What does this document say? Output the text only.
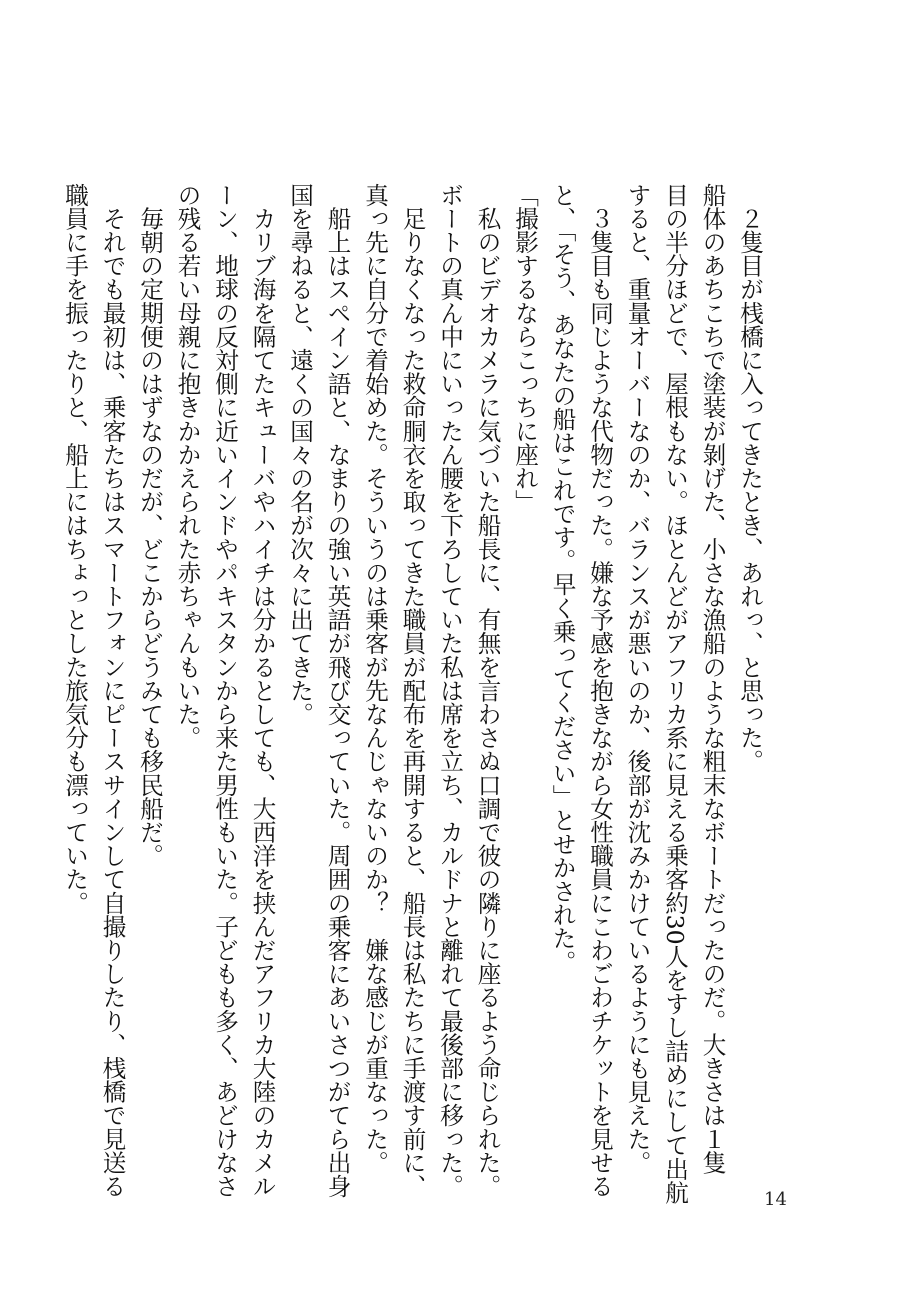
　２隻目が桟橋に入ってきたとき、あれっ、と思った。
船体のあちこちで塗装が剝げた、小さな漁船のような粗末なボートだったのだ。大きさは１隻
目の半分ほどで、屋根もない。ほとんどがアフリカ系に見える乗客約30人をすし詰めにして出航
すると、重量オーバーなのか、バランスが悪いのか、後部が沈みかけているようにも見えた。
　３隻目も同じような代物だった。嫌な予感を抱きながら女性職員にこわごわチケットを見せる
と、「そう、あなたの船はこれです。早く乗ってください」とせかされた。
「撮影するならこっちに座れ」
　私のビデオカメラに気づいた船長に、有無を言わさぬ口調で彼の隣りに座るよう命じられた。
ボートの真ん中にいったん腰を下ろしていた私は席を立ち、カルドナと離れて最後部に移った。
　足りなくなった救命胴衣を取ってきた職員が配布を再開すると、船長は私たちに手渡す前に、
真っ先に自分で着始めた。そういうのは乗客が先なんじゃないのか？　嫌な感じが重なった。
　船上はスペイン語と、なまりの強い英語が飛び交っていた。周囲の乗客にあいさつがてら出身
国を尋ねると、遠くの国々の名が次々に出てきた。
　カリブ海を隔てたキューバやハイチは分かるとしても、大西洋を挟んだアフリカ大陸のカメル
ーン、地球の反対側に近いインドやパキスタンから来た男性もいた。子どもも多く、あどけなさ
の残る若い母親に抱きかかえられた赤ちゃんもいた。
　毎朝の定期便のはずなのだが、どこからどうみても移民船だ。
　それでも最初は、乗客たちはスマートフォンにピースサインして自撮りしたり、桟橋で見送る
職員に手を振ったりと、船上にはちょっとした旅気分も漂っていた。
14
